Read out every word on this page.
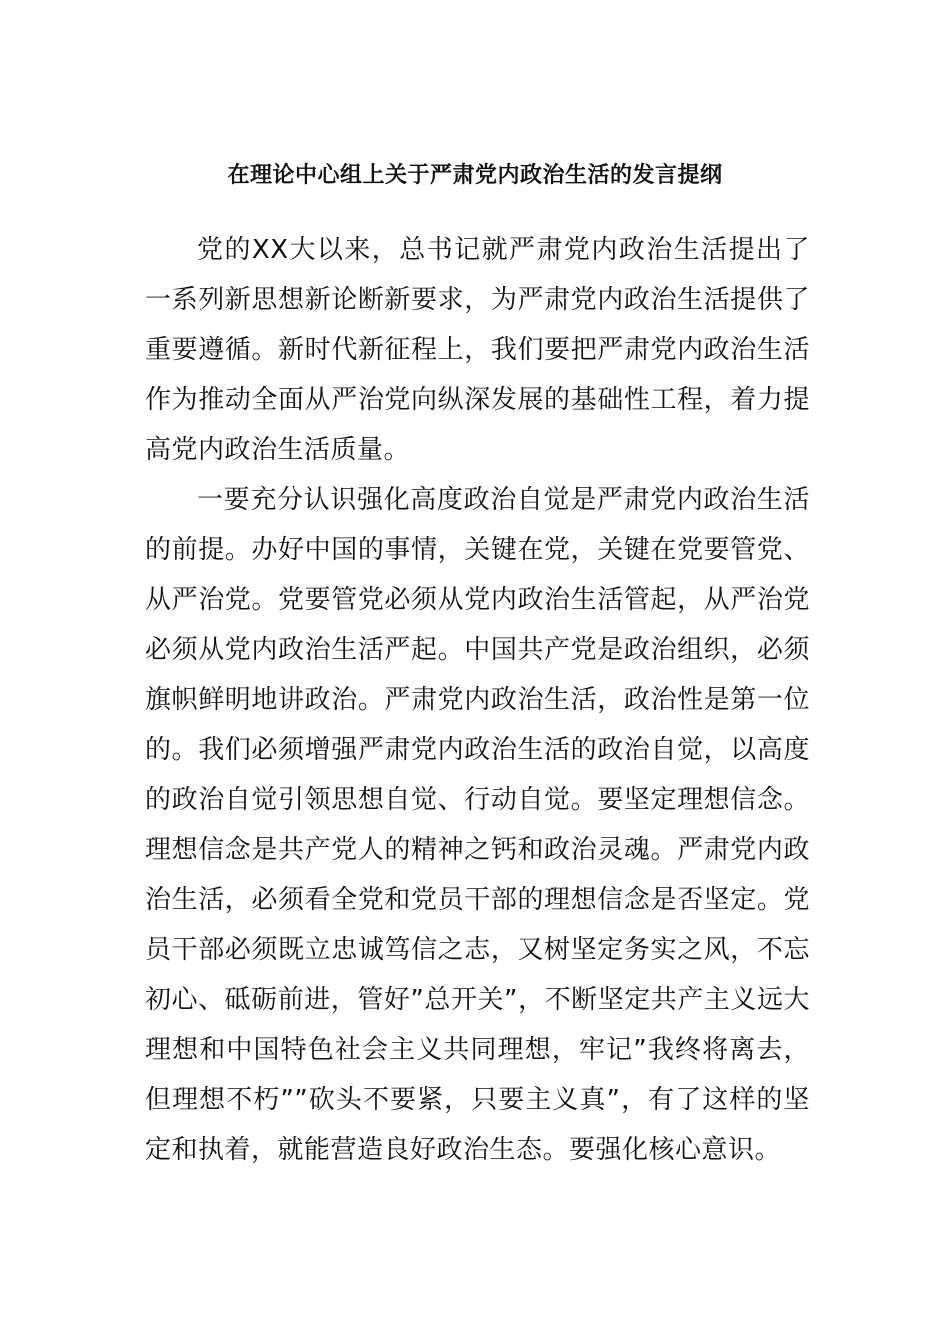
在理论中心组上关于严肃党内政治生活的发言提纲

党的XX大以来，总书记就严肃党内政治生活提出了一系列新思想新论断新要求，为严肃党内政治生活提供了重要遵循。新时代新征程上，我们要把严肃党内政治生活作为推动全面从严治党向纵深发展的基础性工程，着力提高党内政治生活质量。

一要充分认识强化高度政治自觉是严肃党内政治生活的前提。办好中国的事情，关键在党，关键在党要管党、从严治党。党要管党必须从党内政治生活管起，从严治党必须从党内政治生活严起。中国共产党是政治组织，必须旗帜鲜明地讲政治。严肃党内政治生活，政治性是第一位的。我们必须增强严肃党内政治生活的政治自觉，以高度的政治自觉引领思想自觉、行动自觉。要坚定理想信念。理想信念是共产党人的精神之钙和政治灵魂。严肃党内政治生活，必须看全党和党员干部的理想信念是否坚定。党员干部必须既立忠诚笃信之志，又树坚定务实之风，不忘初心、砥砺前进，管好”总开关”，不断坚定共产主义远大理想和中国特色社会主义共同理想，牢记”我终将离去，但理想不朽””砍头不要紧，只要主义真”，有了这样的坚定和执着，就能营造良好政治生态。要强化核心意识。
